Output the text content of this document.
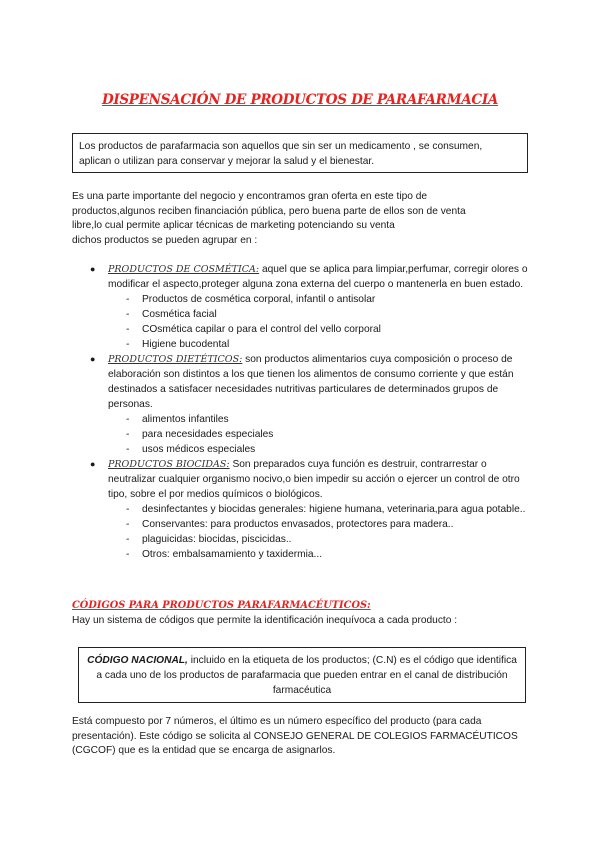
DISPENSACIÓN DE PRODUCTOS DE PARAFARMACIA
Los productos de parafarmacia son aquellos que sin ser un medicamento , se consumen,
aplican o utilizan para conservar y mejorar la salud y el bienestar.
Es una parte importante del negocio y encontramos gran oferta en este tipo de
productos,algunos reciben financiación pública, pero buena parte de ellos son de venta
libre,lo cual permite aplicar técnicas de marketing potenciando su venta
dichos productos se pueden agrupar en :
● PRODUCTOS DE COSMÉTICA: aquel que se aplica para limpiar,perfumar, corregir olores o modificar el aspecto,proteger alguna zona externa del cuerpo o mantenerla en buen estado.
- Productos de cosmética corporal, infantil o antisolar
- Cosmética facial
- COsmética capilar o para el control del vello corporal
- Higiene bucodental
● PRODUCTOS DIETÉTICOS: son productos alimentarios cuya composición o proceso de elaboración son distintos a los que tienen los alimentos de consumo corriente y que están destinados a satisfacer necesidades nutritivas particulares de determinados grupos de personas.
- alimentos infantiles
- para necesidades especiales
- usos médicos especiales
● PRODUCTOS BIOCIDAS: Son preparados cuya función es destruir, contrarrestar o neutralizar cualquier organismo nocivo,o bien impedir su acción o ejercer un control de otro tipo, sobre el por medios químicos o biológicos.
- desinfectantes y biocidas generales: higiene humana, veterinaria,para agua potable..
- Conservantes: para productos envasados, protectores para madera..
- plaguicidas: biocidas, piscicidas..
- Otros: embalsamamiento y taxidermia...
CÓDIGOS PARA PRODUCTOS PARAFARMACÉUTICOS:
Hay un sistema de códigos que permite la identificación inequívoca a cada producto :
CÓDIGO NACIONAL, incluido en la etiqueta de los productos; (C.N) es el código que identifica a cada uno de los productos de parafarmacia que pueden entrar en el canal de distribución farmacéutica
Está compuesto por 7 números, el último es un número específico del producto (para cada presentación). Este código se solicita al CONSEJO GENERAL DE COLEGIOS FARMACÉUTICOS (CGCOF) que es la entidad que se encarga de asignarlos.
